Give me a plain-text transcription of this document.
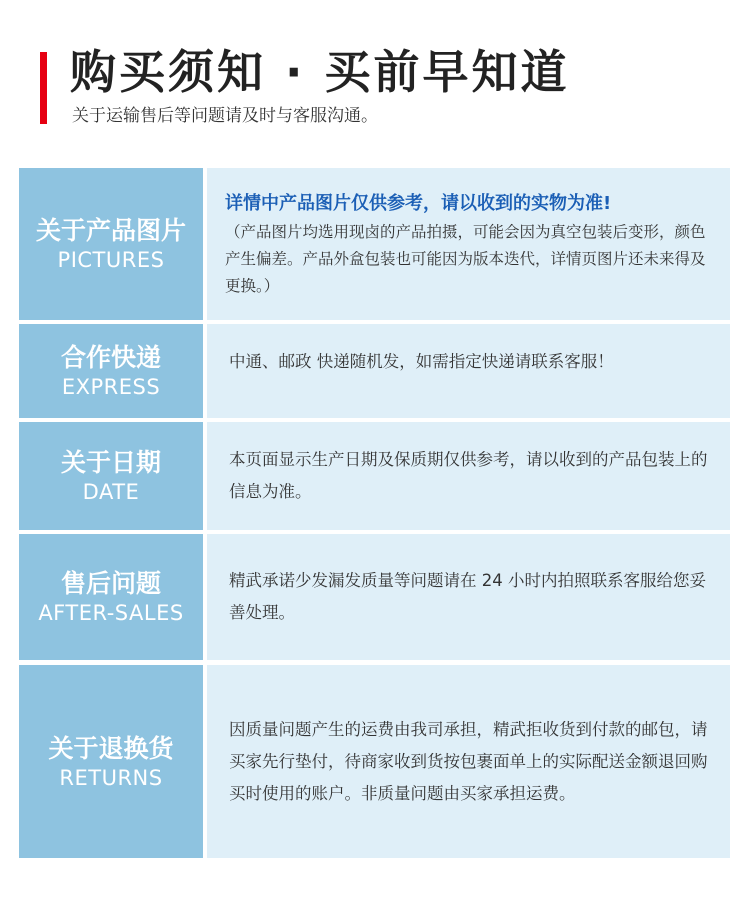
购买须知 · 买前早知道
关于运输售后等问题请及时与客服沟通。
关于产品图片
PICTURES
详情中产品图片仅供参考，请以收到的实物为准!
（产品图片均选用现卤的产品拍摄，可能会因为真空包装后变形，颜色产生偏差。产品外盒包装也可能因为版本迭代，详情页图片还未来得及更换。）
合作快递
EXPRESS
中通、邮政 快递随机发，如需指定快递请联系客服！
关于日期
DATE
本页面显示生产日期及保质期仅供参考，请以收到的产品包装上的信息为准。
售后问题
AFTER-SALES
精武承诺少发漏发质量等问题请在 24 小时内拍照联系客服给您妥善处理。
关于退换货
RETURNS
因质量问题产生的运费由我司承担，精武拒收货到付款的邮包，请买家先行垫付，待商家收到货按包裹面单上的实际配送金额退回购买时使用的账户。非质量问题由买家承担运费。
